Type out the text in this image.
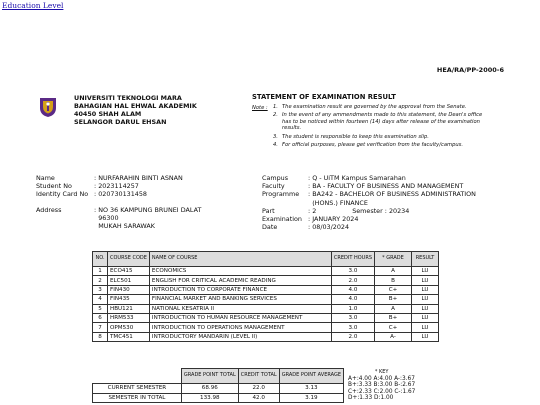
Education Level
HEA/RA/PP-2000-6
UNIVERSITI TEKNOLOGI MARA
BAHAGIAN HAL EHWAL AKADEMIK
40450 SHAH ALAM
SELANGOR DARUL EHSAN
STATEMENT OF EXAMINATION RESULT
Note : 1. The examination result are governed by the approval from the Senate.
2. In the event of any ammendments made to this statement, the Dean's office has to be noticed within fourteen (14) days after release of the examination results.
3. The student is responsible to keep this examination slip.
4. For official purposes, please get verification from the faculty/campus.
Name	: NURFARAHIN BINTI ASNAN
Student No	: 2023114257
Identity Card No : 020730131458
Address	: NO 36 KAMPUNG BRUNEI DALAT
96300
MUKAH SARAWAK
Campus	: Q - UiTM Kampus Samarahan
Faculty	: BA - FACULTY OF BUSINESS AND MANAGEMENT
Programme	: BA242 - BACHELOR OF BUSINESS ADMINISTRATION
(HONS.) FINANCE
Part	: 2	Semester :
20234
Examination : JANUARY 2024
Date	: 08/03/2024
NO.	COURSE CODE	NAME OF COURSE	CREDIT HOURS	* GRADE	RESULT
1	ECO415	ECONOMICS	3.0	A	LU
2	ELC501	ENGLISH FOR CRITICAL ACADEMIC READING	2.0	B	LU
3	FIN430	INTRODUCTION TO CORPORATE FINANCE	4.0	C+	LU
4	FIN435	FINANCIAL MARKET AND BANKING SERVICES	4.0	B+	LU
5	HBU121	NATIONAL KESATRIA II	1.0	A	LU
6	HRM533	INTRODUCTION TO HUMAN RESOURCE MANAGEMENT	3.0	B+	LU
7	OPM530	INTRODUCTION TO OPERATIONS MANAGEMENT	3.0	C+	LU
8	TMC451	INTRODUCTORY MANDARIN (LEVEL II)	2.0	A-	LU
	GRADE POINT TOTAL	CREDIT TOTAL	GRADE POINT AVERAGE
CURRENT SEMESTER	68.96	22.0	3.13
SEMESTER IN TOTAL	133.98	42.0	3.19
* KEY
A+:4.00 A:4.00 A-:3.67
B+:3.33 B:3.00 B-:2.67
C+:2.33 C:2.00 C-:1.67
D+:1.33 D:1.00
